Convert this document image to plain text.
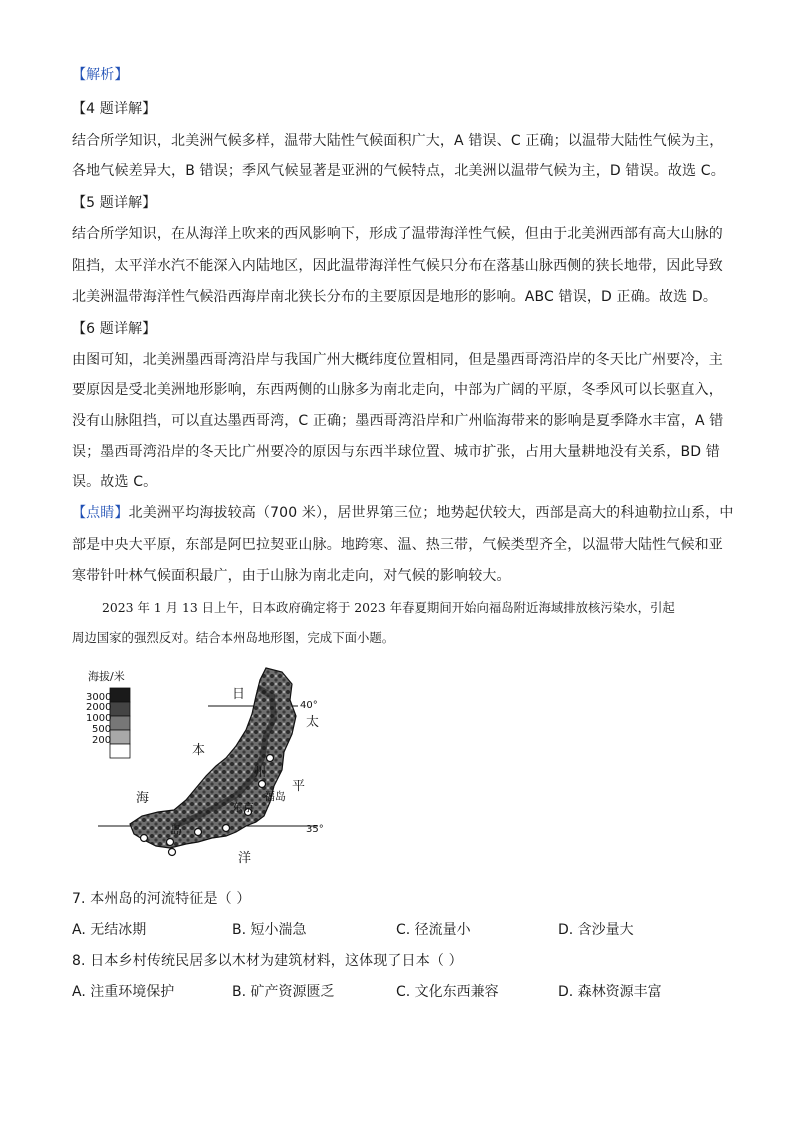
【解析】
【4 题详解】
结合所学知识，北美洲气候多样，温带大陆性气候面积广大，A 错误、C 正确；以温带大陆性气候为主，
各地气候差异大，B 错误；季风气候显著是亚洲的气候特点，北美洲以温带气候为主，D 错误。故选 C。
【5 题详解】
结合所学知识，在从海洋上吹来的西风影响下，形成了温带海洋性气候，但由于北美洲西部有高大山脉的
阻挡，太平洋水汽不能深入内陆地区，因此温带海洋性气候只分布在落基山脉西侧的狭长地带，因此导致
北美洲温带海洋性气候沿西海岸南北狭长分布的主要原因是地形的影响。ABC 错误，D 正确。故选 D。
【6 题详解】
由图可知，北美洲墨西哥湾沿岸与我国广州大概纬度位置相同，但是墨西哥湾沿岸的冬天比广州要冷，主
要原因是受北美洲地形影响，东西两侧的山脉多为南北走向，中部为广阔的平原，冬季风可以长驱直入，
没有山脉阻挡，可以直达墨西哥湾，C 正确；墨西哥湾沿岸和广州临海带来的影响是夏季降水丰富，A 错
误；墨西哥湾沿岸的冬天比广州要冷的原因与东西半球位置、城市扩张，占用大量耕地没有关系，BD 错
误。故选 C。
【点睛】北美洲平均海拔较高（700 米），居世界第三位；地势起伏较大，西部是高大的科迪勒拉山系，中
部是中央大平原，东部是阿巴拉契亚山脉。地跨寒、温、热三带，气候类型齐全，以温带大陆性气候和亚
寒带针叶林气候面积最广，由于山脉为南北走向，对气候的影响较大。
2023 年 1 月 13 日上午，日本政府确定将于 2023 年春夏期间开始向福岛附近海域排放核污染水，引起
周边国家的强烈反对。结合本州岛地形图，完成下面小题。
海拔/米
3000
2000
1000
500
200
40°
35°
日
本
海
太
平
洋
州
岛
东京
福岛
7. 本州岛的河流特征是（ ）
A. 无结冰期	B. 短小湍急	C. 径流量小	D. 含沙量大
8. 日本乡村传统民居多以木材为建筑材料，这体现了日本（ ）
A. 注重环境保护	B. 矿产资源匮乏	C. 文化东西兼容	D. 森林资源丰富
